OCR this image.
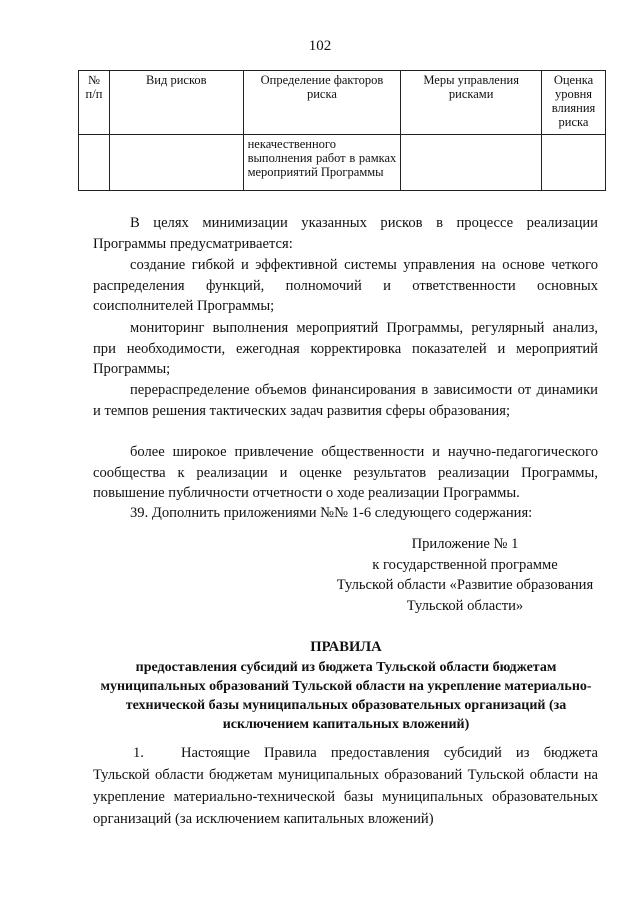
102
№ п/п	Вид рисков	Определение факторов риска	Меры управления рисками	Оценка уровня влияния риска
		некачественного выполнения работ в рамках мероприятий Программы		

В целях минимизации указанных рисков в процессе реализации Программы предусматривается:

создание гибкой и эффективной системы управления на основе четкого распределения функций, полномочий и ответственности основных соисполнителей Программы;

мониторинг выполнения мероприятий Программы, регулярный анализ, при необходимости, ежегодная корректировка показателей и мероприятий Программы;

перераспределение объемов финансирования в зависимости от динамики и темпов решения тактических задач развития сферы образования;

более широкое привлечение общественности и научно-педагогического сообщества к реализации и оценке результатов реализации Программы, повышение публичности отчетности о ходе реализации Программы.

39. Дополнить приложениями №№ 1-6 следующего содержания:

Приложение № 1
к государственной программе
Тульской области «Развитие образования
Тульской области»
ПРАВИЛА
предоставления субсидий из бюджета Тульской области бюджетам муниципальных образований Тульской области на укрепление материально-технической базы муниципальных образовательных организаций (за исключением капитальных вложений)
1.	Настоящие Правила предоставления субсидий из бюджета Тульской области бюджетам муниципальных образований Тульской области на укрепление материально-технической базы муниципальных образовательных организаций (за исключением капитальных вложений)
